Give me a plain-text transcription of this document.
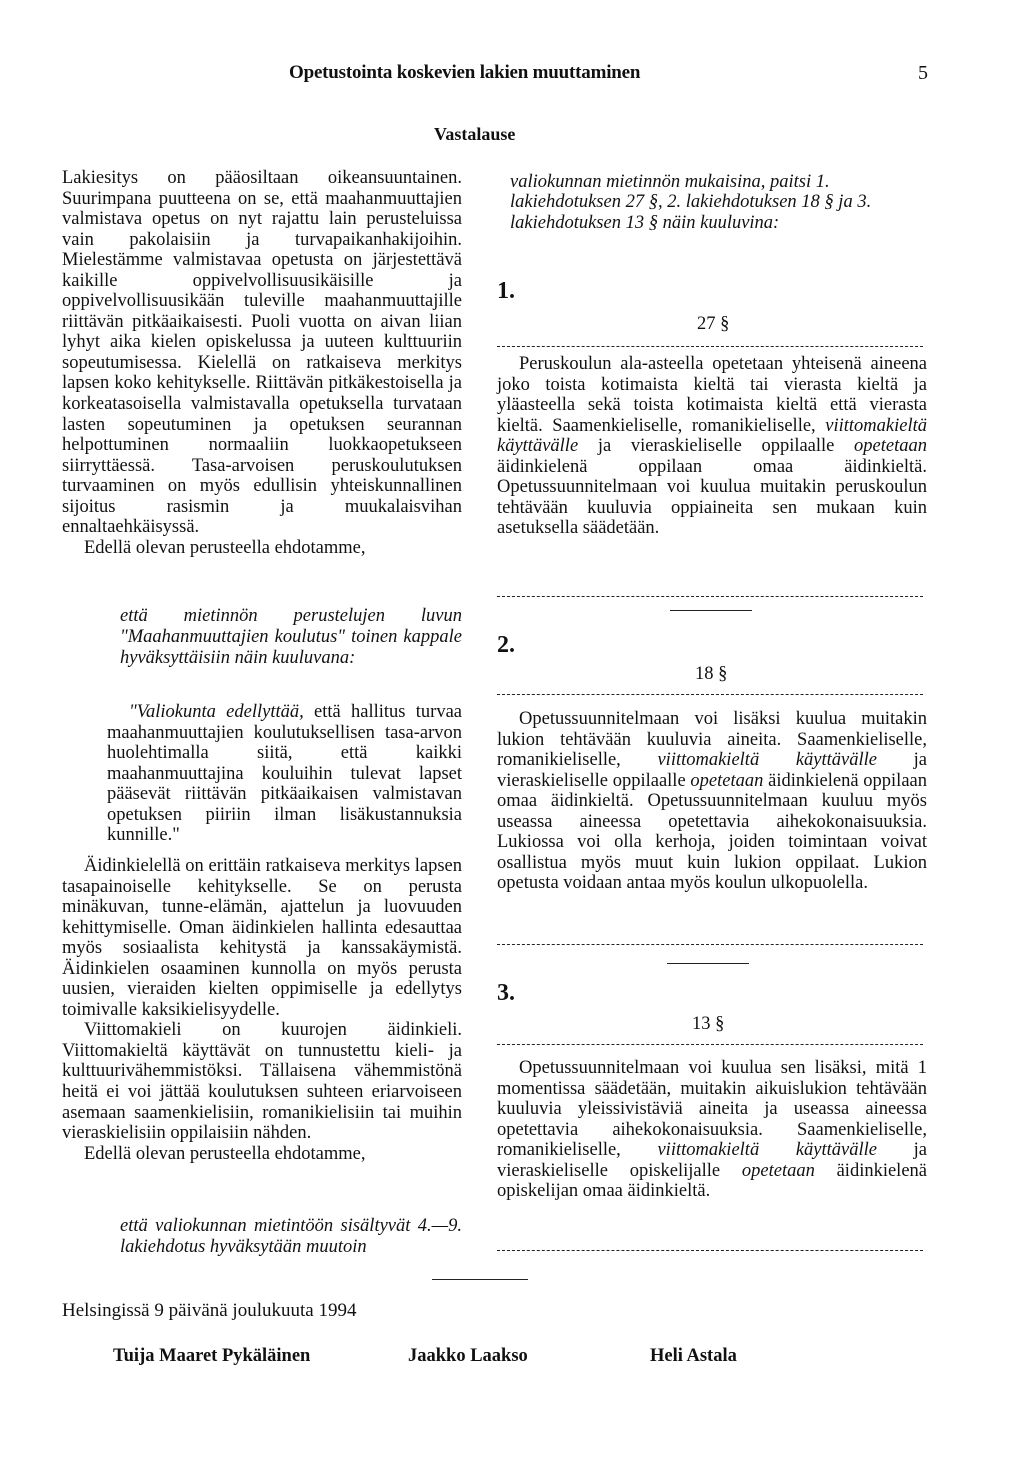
Opetustointa koskevien lakien muuttaminen	5
Vastalause

Lakiesitys on pääosiltaan oikeansuuntainen. Suurimpana puutteena on se, että maahanmuuttajien valmistava opetus on nyt rajattu lain perusteluissa vain pakolaisiin ja turvapaikanhakijoihin. Mielestämme valmistavaa opetusta on järjestettävä kaikille oppivelvollisuusikäisille ja oppivelvollisuusikään tuleville maahanmuuttajille riittävän pitkäaikaisesti. Puoli vuotta on aivan liian lyhyt aika kielen opiskelussa ja uuteen kulttuuriin sopeutumisessa. Kielellä on ratkaiseva merkitys lapsen koko kehitykselle. Riittävän pitkäkestoisella ja korkeatasoisella valmistavalla opetuksella turvataan lasten sopeutuminen ja opetuksen seurannan helpottuminen normaaliin luokkaopetukseen siirryttäessä. Tasa-arvoisen peruskoulutuksen turvaaminen on myös edullisin yhteiskunnallinen sijoitus rasismin ja muukalaisvihan ennaltaehkäisyssä.

Edellä olevan perusteella ehdotamme,

että mietinnön perustelujen luvun "Maahanmuuttajien koulutus" toinen kappale hyväksyttäisiin näin kuuluvana:

"Valiokunta edellyttää, että hallitus turvaa maahanmuuttajien koulutuksellisen tasa-arvon huolehtimalla siitä, että kaikki maahanmuuttajina kouluihin tulevat lapset pääsevät riittävän pitkäaikaisen valmistavan opetuksen piiriin ilman lisäkustannuksia kunnille."

Äidinkielellä on erittäin ratkaiseva merkitys lapsen tasapainoiselle kehitykselle. Se on perusta minäkuvan, tunne-elämän, ajattelun ja luovuuden kehittymiselle. Oman äidinkielen hallinta edesauttaa myös sosiaalista kehitystä ja kanssakäymistä. Äidinkielen osaaminen kunnolla on myös perusta uusien, vieraiden kielten oppimiselle ja edellytys toimivalle kaksikielisyydelle.

Viittomakieli on kuurojen äidinkieli. Viittomakieltä käyttävät on tunnustettu kieli- ja kulttuurivähemmistöksi. Tällaisena vähemmistönä heitä ei voi jättää koulutuksen suhteen eriarvoiseen asemaan saamenkielisiin, romanikielisiin tai muihin vieraskielisiin oppilaisiin nähden.

Edellä olevan perusteella ehdotamme,

että valiokunnan mietintöön sisältyvät 4.—9. lakiehdotus hyväksytään muutoin
valiokunnan mietinnön mukaisina, paitsi 1. lakiehdotuksen 27 §, 2. lakiehdotuksen 18 § ja 3. lakiehdotuksen 13 § näin kuuluvina:
1.
27 §

Peruskoulun ala-asteella opetetaan yhteisenä aineena joko toista kotimaista kieltä tai vierasta kieltä ja yläasteella sekä toista kotimaista kieltä että vierasta kieltä. Saamenkieliselle, romanikieliselle, viittomakieltä käyttävälle ja vieraskieliselle oppilaalle opetetaan äidinkielenä oppilaan omaa äidinkieltä. Opetussuunnitelmaan voi kuulua muitakin peruskoulun tehtävään kuuluvia oppiaineita sen mukaan kuin asetuksella säädetään.

2.
18 §

Opetussuunnitelmaan voi lisäksi kuulua muitakin lukion tehtävään kuuluvia aineita. Saamenkieliselle, romanikieliselle, viittomakieltä käyttävälle ja vieraskieliselle oppilaalle opetetaan äidinkielenä oppilaan omaa äidinkieltä. Opetussuunnitelmaan kuuluu myös useassa aineessa opetettavia aihekokonaisuuksia. Lukiossa voi olla kerhoja, joiden toimintaan voivat osallistua myös muut kuin lukion oppilaat. Lukion opetusta voidaan antaa myös koulun ulkopuolella.

3.
13 §

Opetussuunnitelmaan voi kuulua sen lisäksi, mitä 1 momentissa säädetään, muitakin aikuislukion tehtävään kuuluvia yleissivistäviä aineita ja useassa aineessa opetettavia aihekokonaisuuksia. Saamenkieliselle, romanikieliselle, viittomakieltä käyttävälle ja vieraskieliselle opiskelijalle opetetaan äidinkielenä opiskelijan omaa äidinkieltä.

Helsingissä 9 päivänä joulukuuta 1994
Tuija Maaret Pykäläinen	Jaakko Laakso	Heli Astala
